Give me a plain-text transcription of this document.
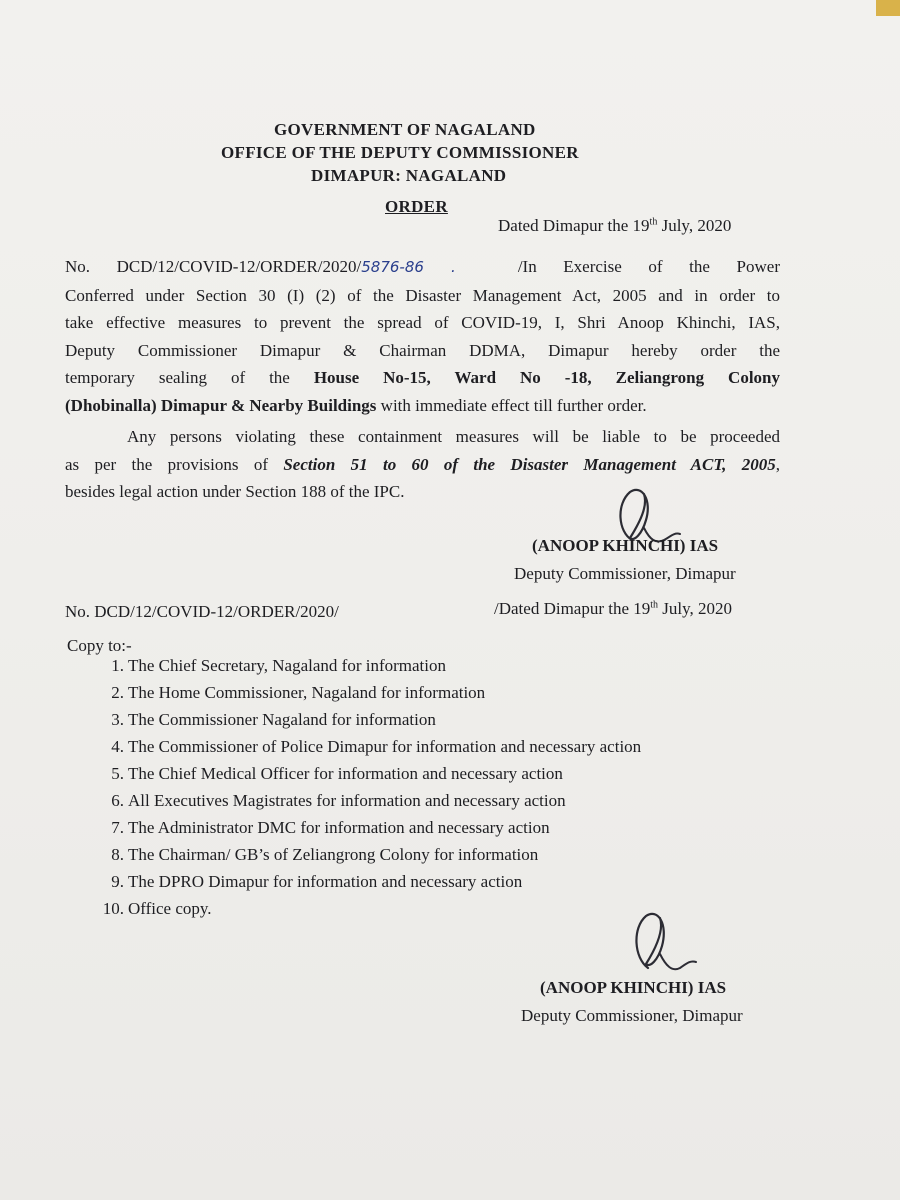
GOVERNMENT OF NAGALAND
OFFICE OF THE DEPUTY COMMISSIONER
DIMAPUR: NAGALAND
ORDER
Dated Dimapur the 19th July, 2020
No. DCD/12/COVID-12/ORDER/2020/5876-86 .	/In Exercise of the Power
Conferred under Section 30 (I) (2) of the Disaster Management Act, 2005 and in order to
take effective measures to prevent the spread of COVID-19, I, Shri Anoop Khinchi, IAS,
Deputy Commissioner Dimapur & Chairman DDMA, Dimapur hereby order the
temporary sealing of the House No-15, Ward No -18, Zeliangrong Colony
(Dhobinalla) Dimapur & Nearby Buildings with immediate effect till further order.
Any persons violating these containment measures will be liable to be proceeded
as per the provisions of Section 51 to 60 of the Disaster Management ACT, 2005,
besides legal action under Section 188 of the IPC.
(ANOOP KHINCHI) IAS
Deputy Commissioner, Dimapur
No. DCD/12/COVID-12/ORDER/2020/	/Dated Dimapur the 19th July, 2020
Copy to:-
1. The Chief Secretary, Nagaland for information
2. The Home Commissioner, Nagaland for information
3. The Commissioner Nagaland for information
4. The Commissioner of Police Dimapur for information and necessary action
5. The Chief Medical Officer for information and necessary action
6. All Executives Magistrates for information and necessary action
7. The Administrator DMC for information and necessary action
8. The Chairman/ GB’s of Zeliangrong Colony for information
9. The DPRO Dimapur for information and necessary action
10. Office copy.
(ANOOP KHINCHI) IAS
Deputy Commissioner, Dimapur
